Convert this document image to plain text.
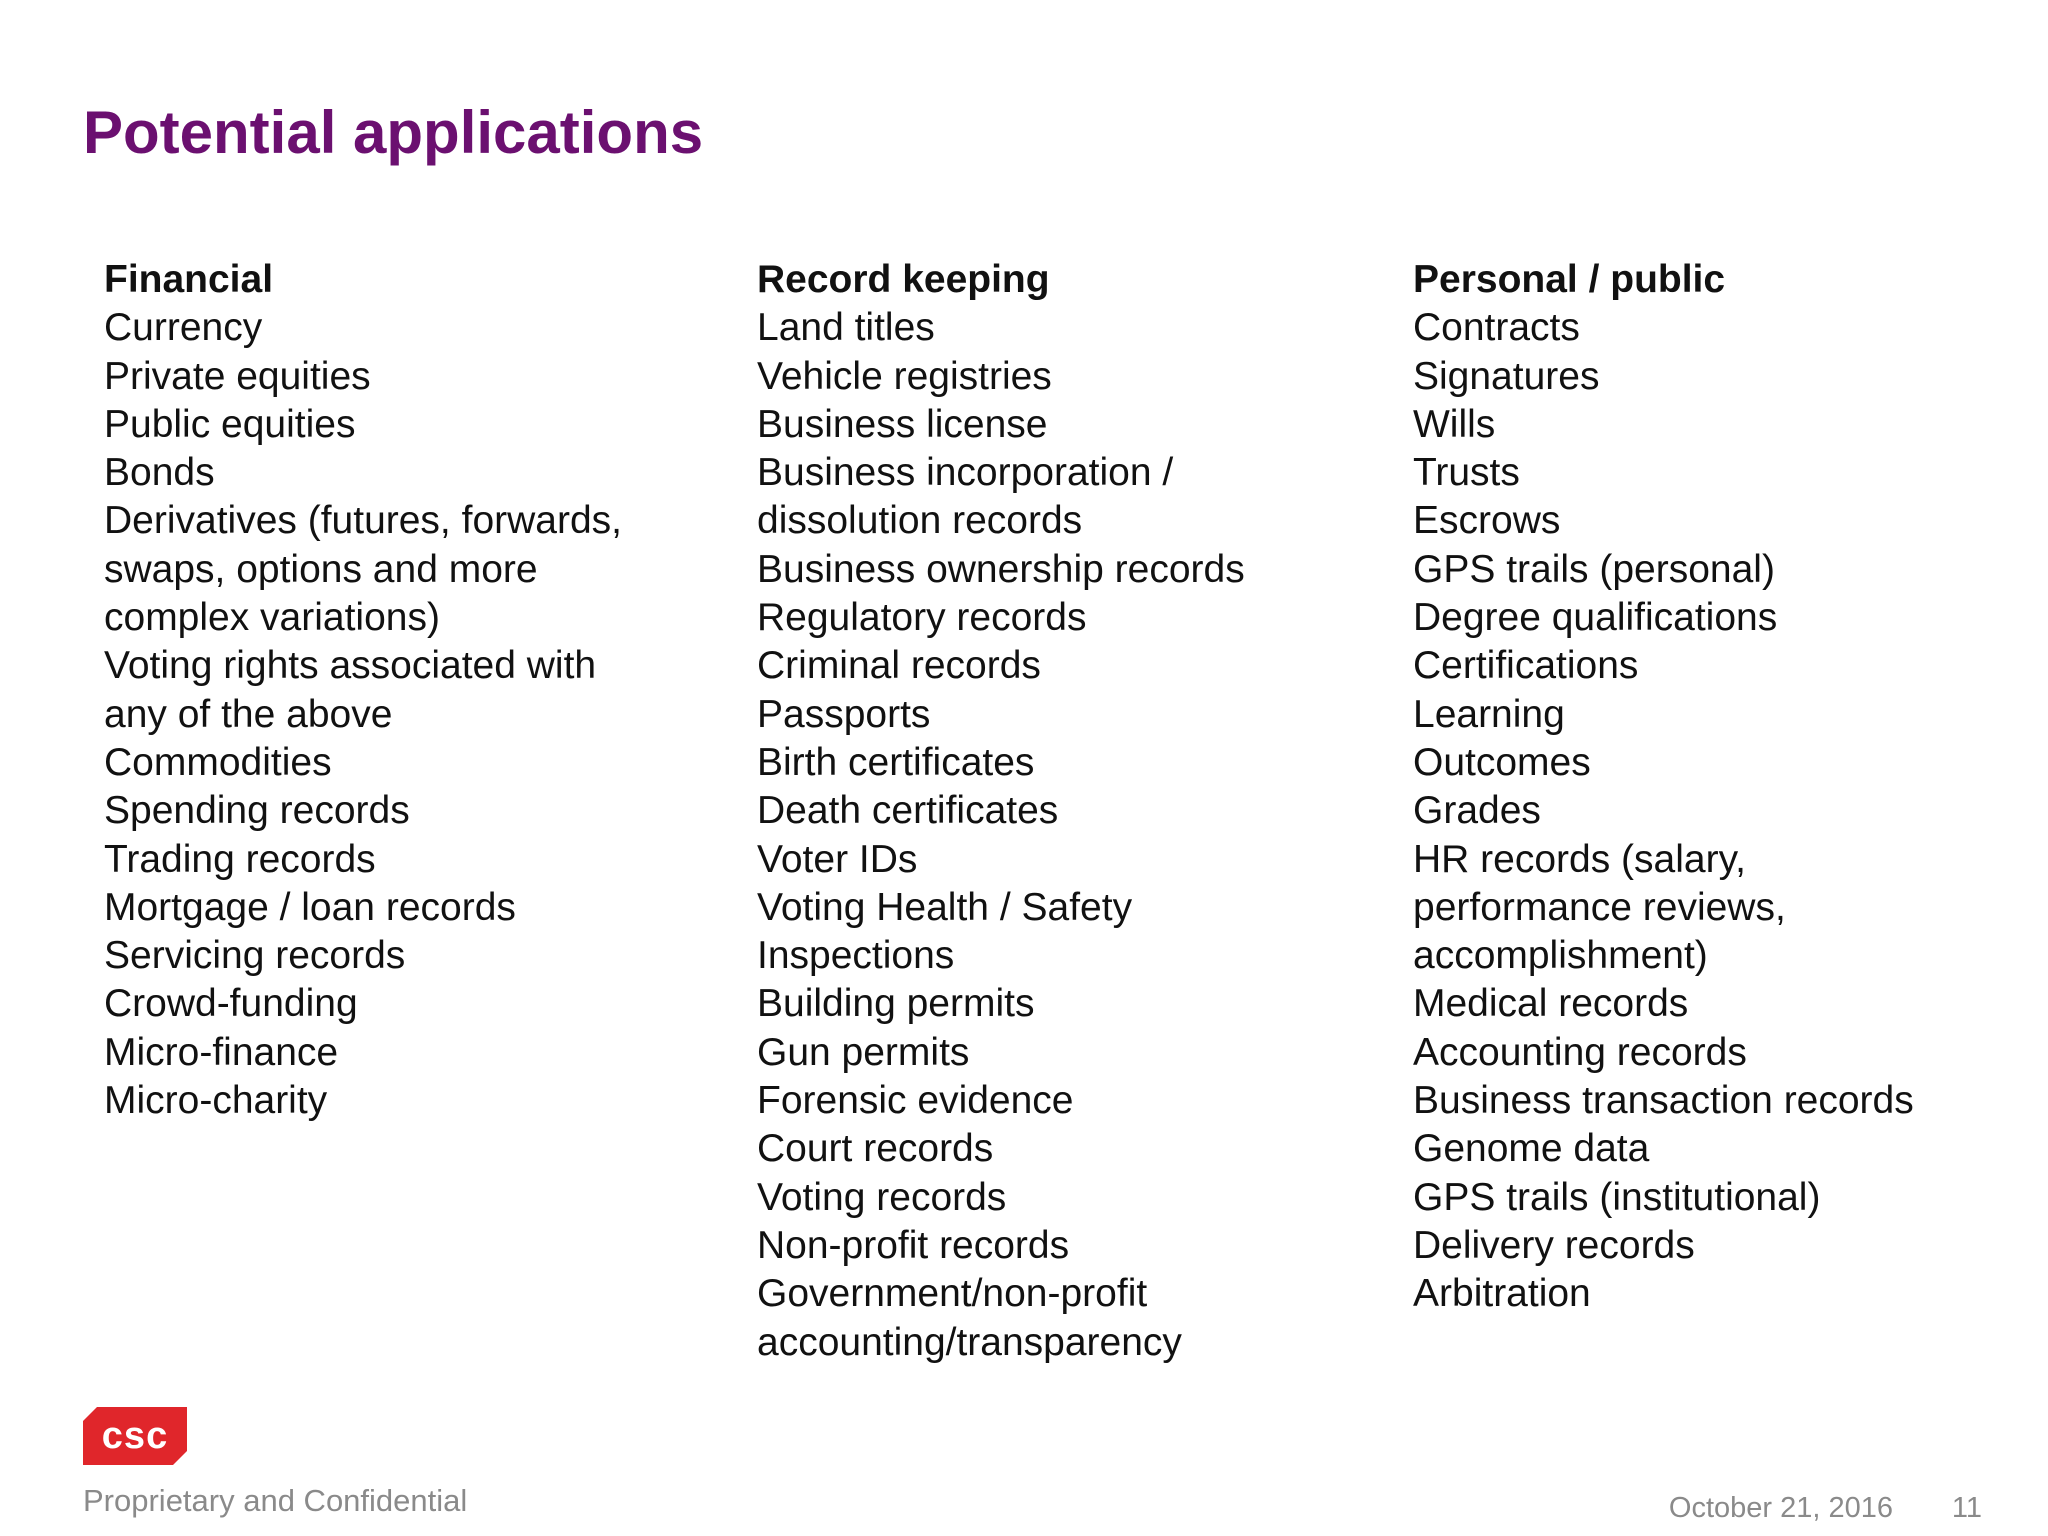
Potential applications
Financial
Currency
Private equities
Public equities
Bonds
Derivatives (futures, forwards,
swaps, options and more
complex variations)
Voting rights associated with
any of the above
Commodities
Spending records
Trading records
Mortgage / loan records
Servicing records
Crowd-funding
Micro-finance
Micro-charity
Record keeping
Land titles
Vehicle registries
Business license
Business incorporation /
dissolution records
Business ownership records
Regulatory records
Criminal records
Passports
Birth certificates
Death certificates
Voter IDs
Voting Health / Safety
Inspections
Building permits
Gun permits
Forensic evidence
Court records
Voting records
Non-profit records
Government/non-profit
accounting/transparency
Personal / public
Contracts
Signatures
Wills
Trusts
Escrows
GPS trails (personal)
Degree qualifications
Certifications
Learning
Outcomes
Grades
HR records (salary,
performance reviews,
accomplishment)
Medical records
Accounting records
Business transaction records
Genome data
GPS trails (institutional)
Delivery records
Arbitration
csc
Proprietary and Confidential	October 21, 2016 11
